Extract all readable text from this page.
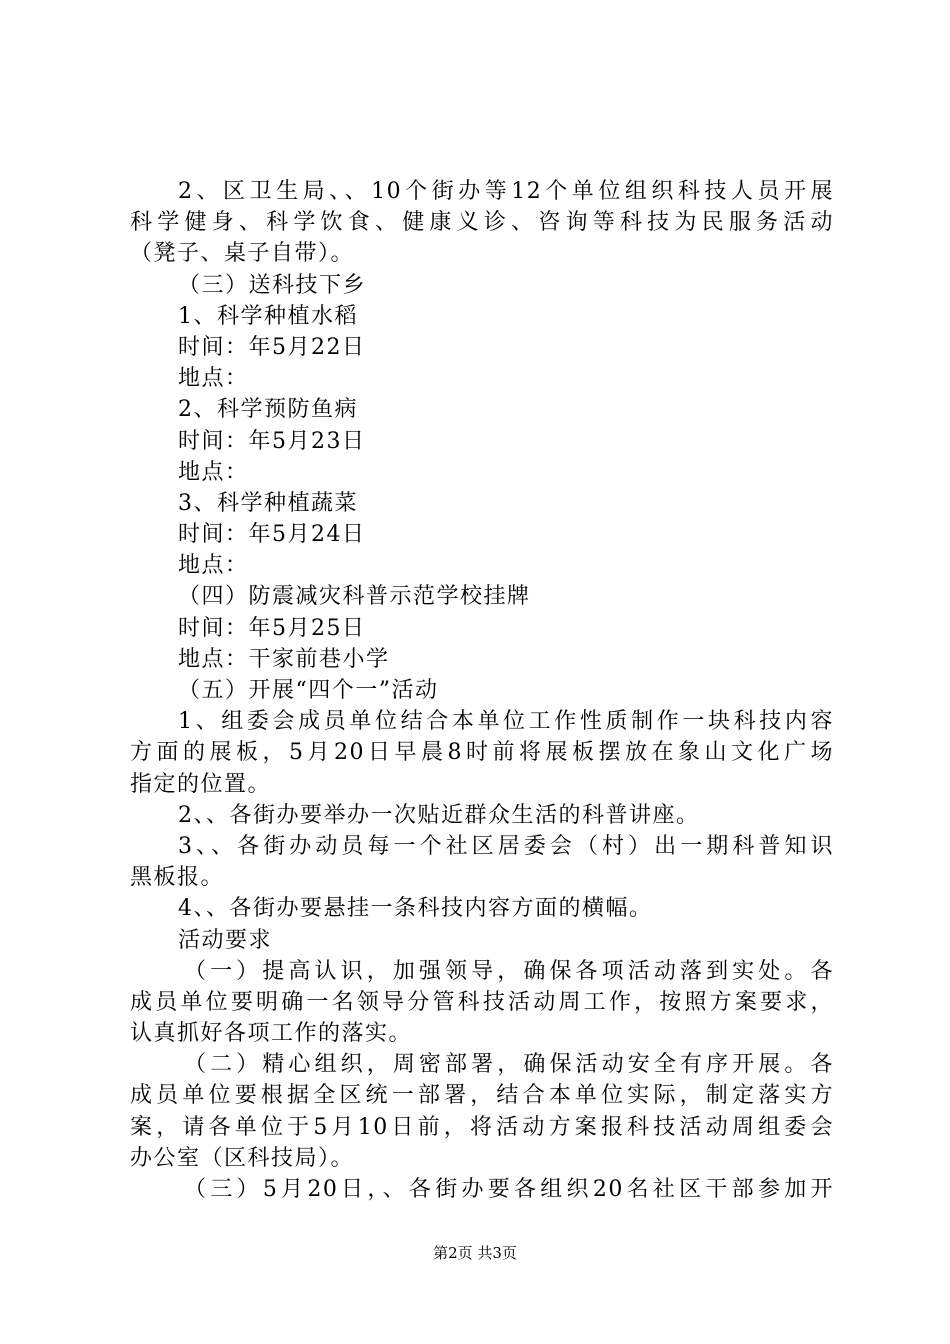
2、区卫生局、、10个街办等12个单位组织科技人员开展
科学健身、科学饮食、健康义诊、咨询等科技为民服务活动
（凳子、桌子自带）。
（三）送科技下乡
1、科学种植水稻
时间：年5月22日
地点：
2、科学预防鱼病
时间：年5月23日
地点：
3、科学种植蔬菜
时间：年5月24日
地点：
（四）防震减灾科普示范学校挂牌
时间：年5月25日
地点：干家前巷小学
（五）开展“四个一”活动
1、组委会成员单位结合本单位工作性质制作一块科技内容
方面的展板，5月20日早晨8时前将展板摆放在象山文化广场
指定的位置。
2、、各街办要举办一次贴近群众生活的科普讲座。
3、、各街办动员每一个社区居委会（村）出一期科普知识
黑板报。
4、、各街办要悬挂一条科技内容方面的横幅。
活动要求
（一）提高认识，加强领导，确保各项活动落到实处。各
成员单位要明确一名领导分管科技活动周工作，按照方案要求，
认真抓好各项工作的落实。
（二）精心组织，周密部署，确保活动安全有序开展。各
成员单位要根据全区统一部署，结合本单位实际，制定落实方
案，请各单位于5月10日前，将活动方案报科技活动周组委会
办公室（区科技局）。
（三）5月20日，、各街办要各组织20名社区干部参加开
第2页 共3页
